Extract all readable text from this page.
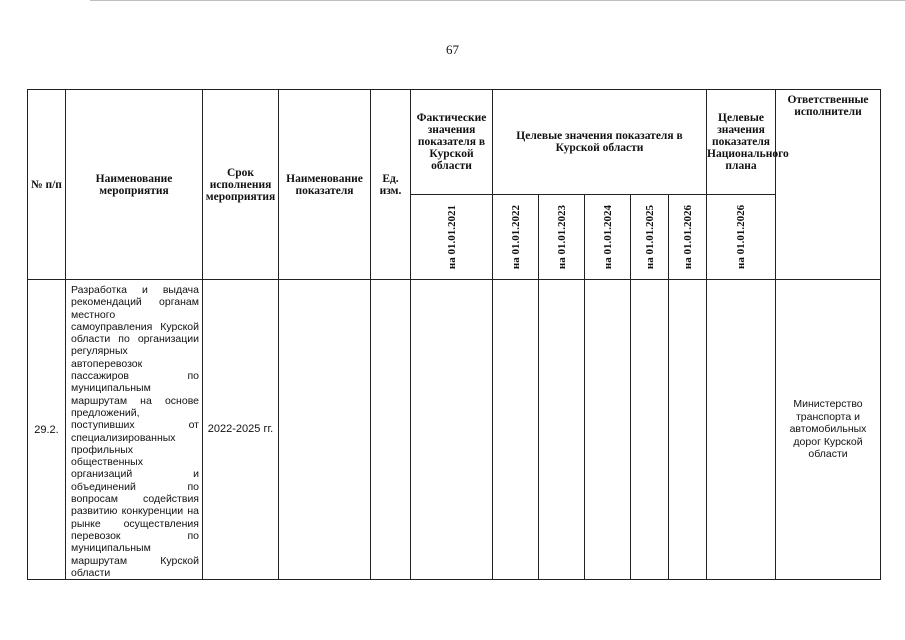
67
№ п/п	Наименование мероприятия	Срок исполнения мероприятия	Наименование показателя	Ед. изм.	Фактические значения показателя в Курской области	Целевые значения показателя в Курской области					Целевые значения показателя Национального плана	Ответственные исполнители

					на 01.01.2021	на 01.01.2022	на 01.01.2023	на 01.01.2024	на 01.01.2025	на 01.01.2026	на 01.01.2026	

29.2.	Разработка и выдача рекомендаций органам местного самоуправления Курской области по организации регулярных автоперевозок пассажиров по муниципальным маршрутам на основе предложений, поступивших от специализированных профильных общественных организаций и объединений по вопросам содействия развитию конкуренции на рынке осуществления перевозок по муниципальным маршрутам Курской области	2022-2025 гг.										Министерство транспорта и автомобильных дорог Курской области
